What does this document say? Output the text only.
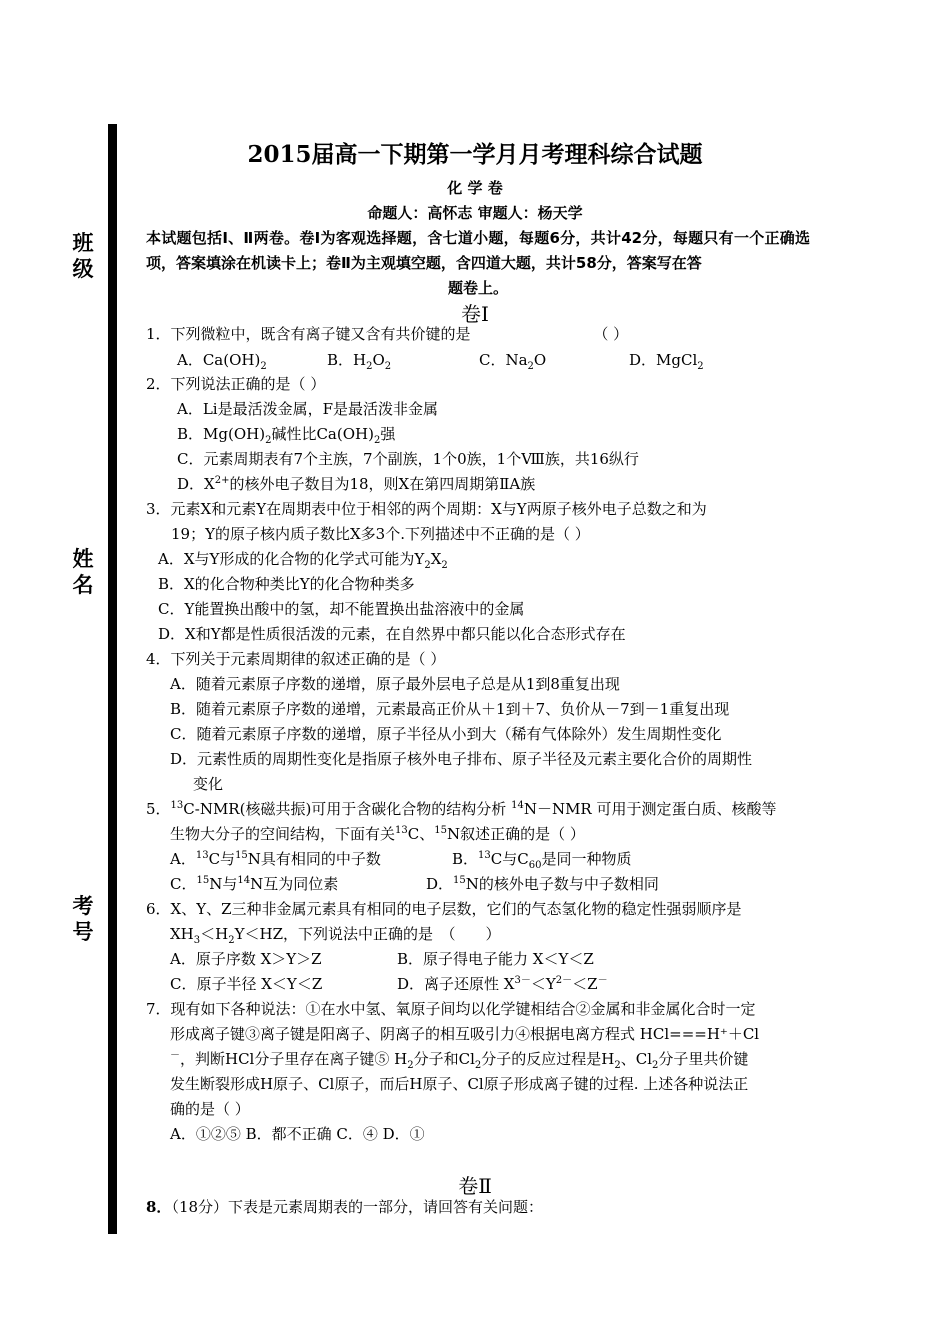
班级
姓名
考号
2015届高一下期第一学月月考理科综合试题
化 学 卷
命题人：高怀志 审题人：杨天学
本试题包括Ⅰ、Ⅱ两卷。卷Ⅰ为客观选择题，含七道小题，每题6分，共计42分，每题只有一个正确选项，答案填涂在机读卡上；卷Ⅱ为主观填空题，含四道大题，共计58分，答案写在答
题卷上。
卷Ⅰ
1．下列微粒中，既含有离子键又含有共价键的是	（ ）
A．$Ca(OH)_2$	B．$H_2O_2$	C．$Na_2O$	D．MgCl$_2$
2．下列说法正确的是（ ）
A．Li是最活泼金属，F是最活泼非金属
B．$Mg(OH)_2$碱性比$Ca(OH)_2$强
C．元素周期表有7个主族，7个副族，1个0族，1个Ⅷ族，共16纵行
D．$X^{2+}$的核外电子数目为18，则X在第四周期第ⅡA族
3．元素X和元素Y在周期表中位于相邻的两个周期：X与Y两原子核外电子总数之和为
19；Y的原子核内质子数比X多3个.下列描述中不正确的是（ ）
A．X与Y形成的化合物的化学式可能为$Y_2X_2$
B．X的化合物种类比Y的化合物种类多
C．Y能置换出酸中的氢，却不能置换出盐溶液中的金属
D．X和Y都是性质很活泼的元素，在自然界中都只能以化合态形式存在
4．下列关于元素周期律的叙述正确的是（ ）
A．随着元素原子序数的递增，原子最外层电子总是从1到8重复出现
B．随着元素原子序数的递增，元素最高正价从＋1到＋7、负价从－7到－1重复出现
C．随着元素原子序数的递增，原子半径从小到大（稀有气体除外）发生周期性变化
D．元素性质的周期性变化是指原子核外电子排布、原子半径及元素主要化合价的周期性
变化
5．$^{13}$C-NMR(核磁共振)可用于含碳化合物的结构分析 $^{14}$N－NMR 可用于测定蛋白质、核酸等
生物大分子的空间结构，下面有关$^{13}$C、$^{15}$N叙述正确的是（ ）
A．$^{13}$C与$^{15}$N具有相同的中子数	B．$^{13}$C与$C_{60}$是同一种物质
C．$^{15}$N与$^{14}$N互为同位素	D．$^{15}$N的核外电子数与中子数相同
6．X、Y、Z三种非金属元素具有相同的电子层数，它们的气态氢化物的稳定性强弱顺序是
$XH_3<H_2Y<HZ$，下列说法中正确的是　（　　）
A．原子序数 X＞Y＞Z	B．原子得电子能力 X＜Y＜Z
C．原子半径 X＜Y＜Z	D．离子还原性 $X^{3-}<Y^{2-}<Z^-$
7．现有如下各种说法：①在水中氢、氧原子间均以化学键相结合②金属和非金属化合时一定
形成离子键③离子键是阳离子、阴离子的相互吸引力④根据电离方程式 HCl===H⁺＋Cl
－，判断HCl分子里存在离子键⑤ $H_2$分子和$Cl_2$分子的反应过程是$H_2$、$Cl_2$分子里共价键
发生断裂形成H原子、Cl原子，而后H原子、Cl原子形成离子键的过程. 上述各种说法正
确的是（ ）
A．①②⑤ B．都不正确 C．④ D．①
卷Ⅱ
8．（18分）下表是元素周期表的一部分，请回答有关问题：
